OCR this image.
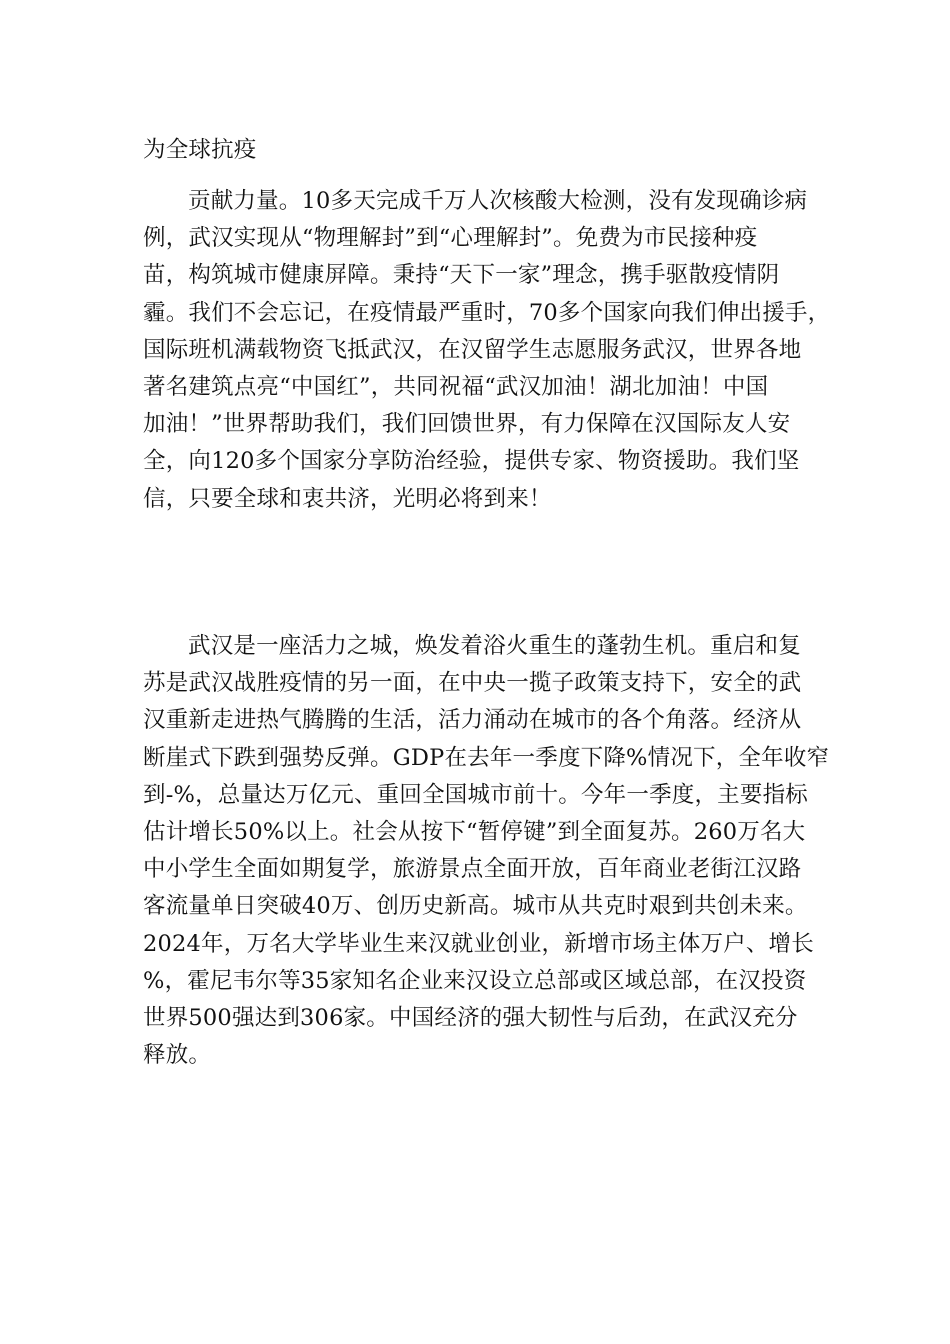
为全球抗疫
贡献力量。10多天完成千万人次核酸大检测，没有发现确诊病
例，武汉实现从“物理解封”到“心理解封”。免费为市民接种疫
苗，构筑城市健康屏障。秉持“天下一家”理念，携手驱散疫情阴
霾。我们不会忘记，在疫情最严重时，70多个国家向我们伸出援手，
国际班机满载物资飞抵武汉，在汉留学生志愿服务武汉，世界各地
著名建筑点亮“中国红”，共同祝福“武汉加油！湖北加油！中国
加油！”世界帮助我们，我们回馈世界，有力保障在汉国际友人安
全，向120多个国家分享防治经验，提供专家、物资援助。我们坚
信，只要全球和衷共济，光明必将到来！
武汉是一座活力之城，焕发着浴火重生的蓬勃生机。重启和复
苏是武汉战胜疫情的另一面，在中央一揽子政策支持下，安全的武
汉重新走进热气腾腾的生活，活力涌动在城市的各个角落。经济从
断崖式下跌到强势反弹。GDP在去年一季度下降%情况下，全年收窄
到-%，总量达万亿元、重回全国城市前十。今年一季度，主要指标
估计增长50%以上。社会从按下“暂停键”到全面复苏。260万名大
中小学生全面如期复学，旅游景点全面开放，百年商业老街江汉路
客流量单日突破40万、创历史新高。城市从共克时艰到共创未来。
2024年，万名大学毕业生来汉就业创业，新增市场主体万户、增长
%，霍尼韦尔等35家知名企业来汉设立总部或区域总部，在汉投资
世界500强达到306家。中国经济的强大韧性与后劲，在武汉充分
释放。
